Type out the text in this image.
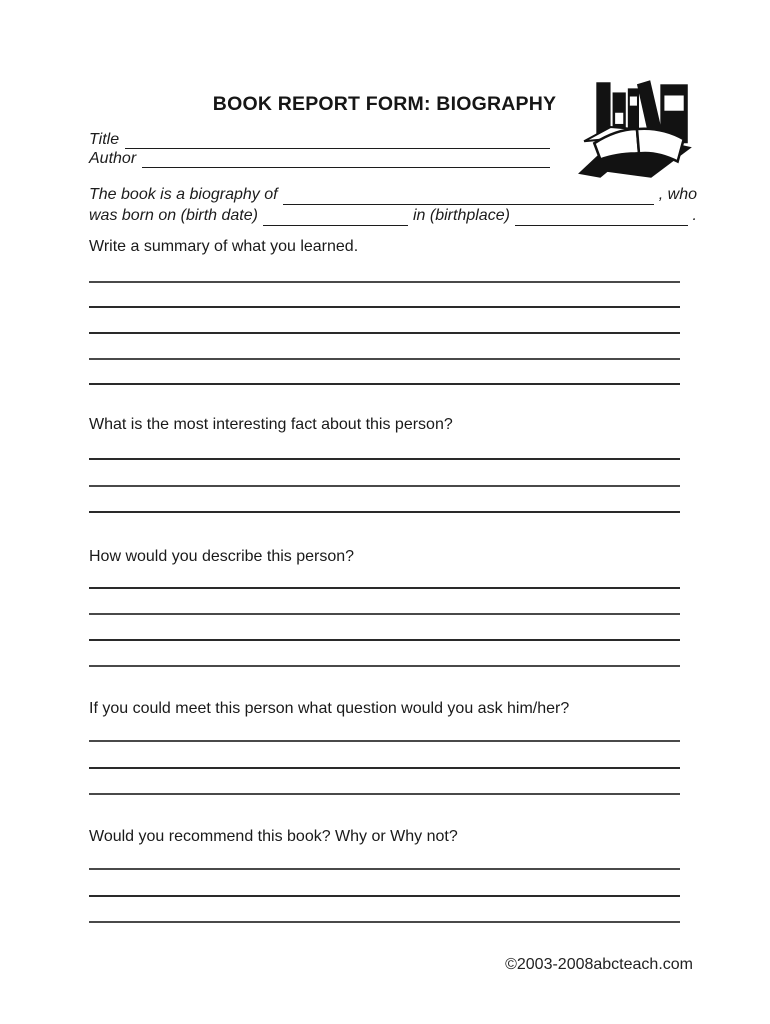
BOOK REPORT FORM: BIOGRAPHY
Title
Author
The book is a biography of	, who
was born on (birth date)	in (birthplace)	.

Write a summary of what you learned.

What is the most interesting fact about this person?

How would you describe this person?

If you could meet this person what question would you ask him/her?

Would you recommend this book? Why or Why not?

©2003-2008abcteach.com
